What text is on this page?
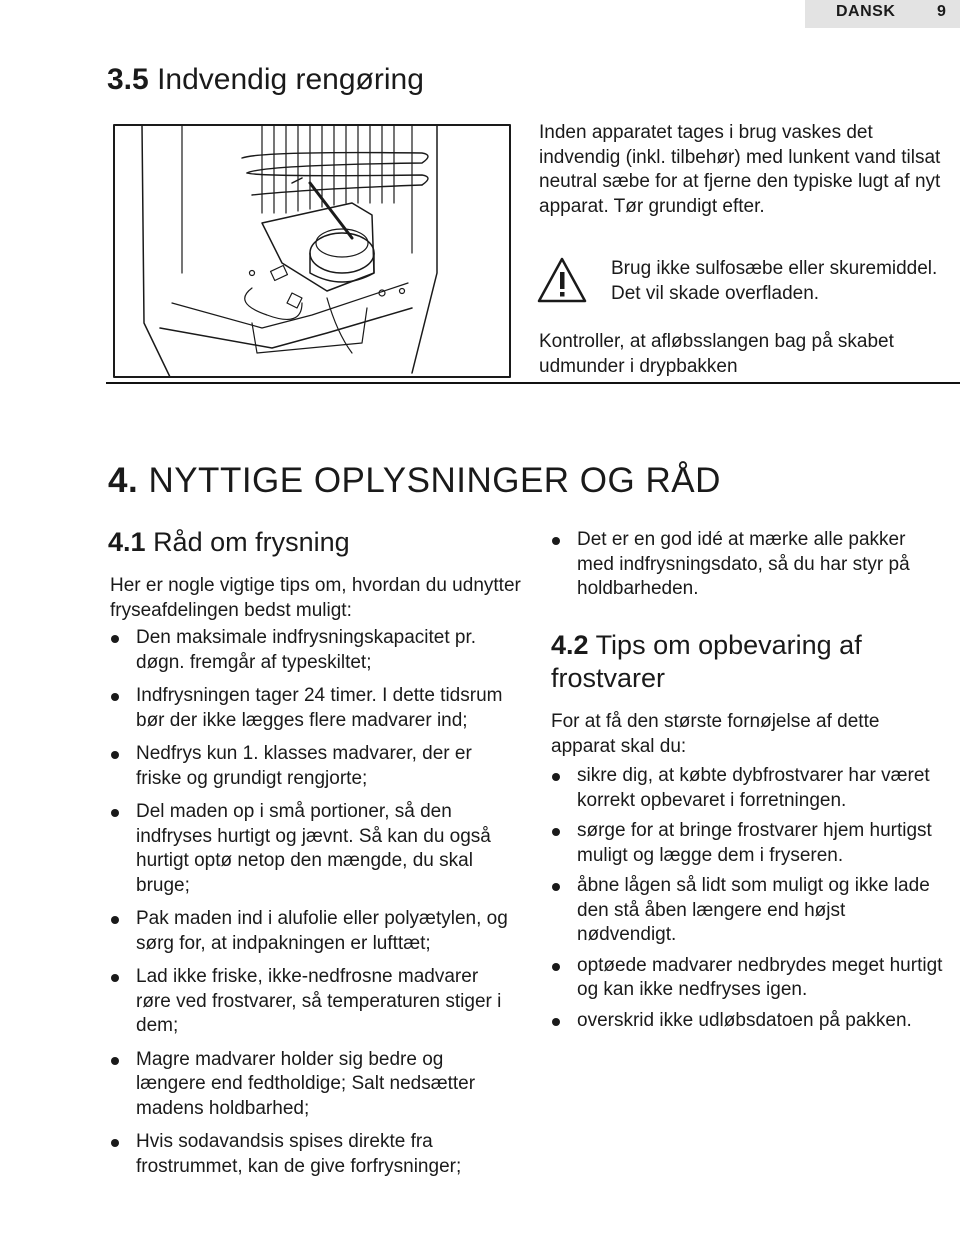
DANSK	9
3.5 Indvendig rengøring

Inden apparatet tages i brug vaskes det indvendig (inkl. tilbehør) med lunkent vand tilsat neutral sæbe for at fjerne den typiske lugt af nyt apparat. Tør grundigt efter.

Brug ikke sulfosæbe eller skuremiddel. Det vil skade overfladen.

Kontroller, at afløbsslangen bag på skabet udmunder i drypbakken

4. NYTTIGE OPLYSNINGER OG RÅD
4.1 Råd om frysning

Her er nogle vigtige tips om, hvordan du udnytter fryseafdelingen bedst muligt:

Den maksimale indfrysningskapacitet pr. døgn. fremgår af typeskiltet;
Indfrysningen tager 24 timer. I dette tidsrum bør der ikke lægges flere madvarer ind;
Nedfrys kun 1. klasses madvarer, der er friske og grundigt rengjorte;
Del maden op i små portioner, så den indfryses hurtigt og jævnt. Så kan du også hurtigt optø netop den mængde, du skal bruge;
Pak maden ind i alufolie eller polyætylen, og sørg for, at indpakningen er lufttæt;
Lad ikke friske, ikke-nedfrosne madvarer røre ved frostvarer, så temperaturen stiger i dem;
Magre madvarer holder sig bedre og længere end fedtholdige; Salt nedsætter madens holdbarhed;
Hvis sodavandsis spises direkte fra frostrummet, kan de give forfrysninger;
Det er en god idé at mærke alle pakker med indfrysningsdato, så du har styr på holdbarheden.
4.2 Tips om opbevaring af frostvarer

For at få den største fornøjelse af dette apparat skal du:

sikre dig, at købte dybfrostvarer har været korrekt opbevaret i forretningen.
sørge for at bringe frostvarer hjem hurtigst muligt og lægge dem i fryseren.
åbne lågen så lidt som muligt og ikke lade den stå åben længere end højst nødvendigt.
optøede madvarer nedbrydes meget hurtigt og kan ikke nedfryses igen.
overskrid ikke udløbsdatoen på pakken.
